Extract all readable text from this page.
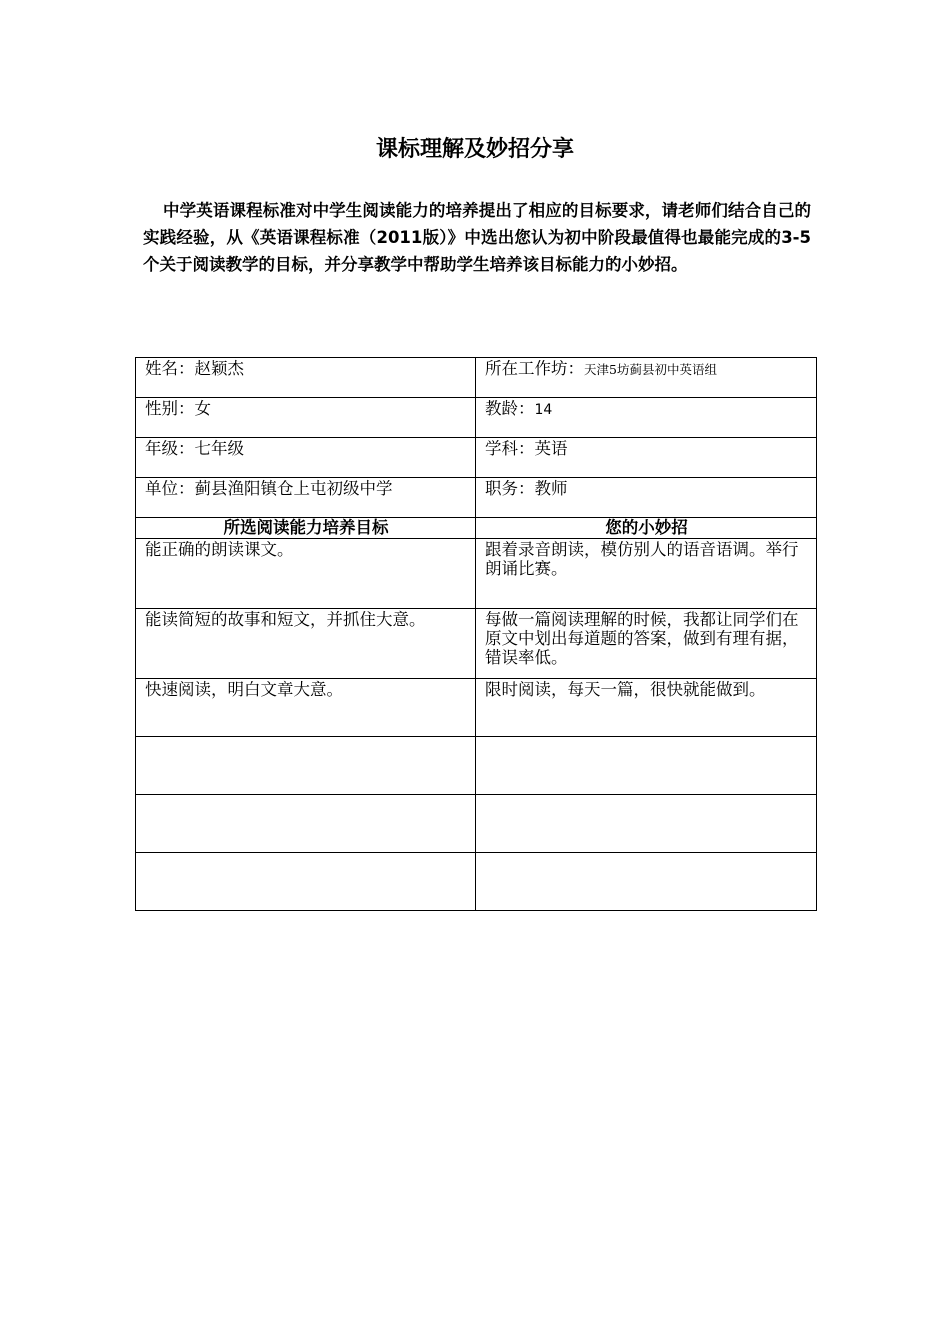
课标理解及妙招分享

中学英语课程标准对中学生阅读能力的培养提出了相应的目标要求，请老师们结合自己的实践经验，从《英语课程标准（2011版）》中选出您认为初中阶段最值得也最能完成的3-5个关于阅读教学的目标，并分享教学中帮助学生培养该目标能力的小妙招。

姓名：赵颖杰	所在工作坊：天津5坊蓟县初中英语组
性别：女	教龄：14
年级：七年级	学科：英语
单位：蓟县渔阳镇仓上屯初级中学	职务：教师
所选阅读能力培养目标	您的小妙招
能正确的朗读课文。	跟着录音朗读，模仿别人的语音语调。举行朗诵比赛。
能读简短的故事和短文，并抓住大意。	每做一篇阅读理解的时候，我都让同学们在原文中划出每道题的答案，做到有理有据，错误率低。
快速阅读，明白文章大意。	限时阅读，每天一篇，很快就能做到。
